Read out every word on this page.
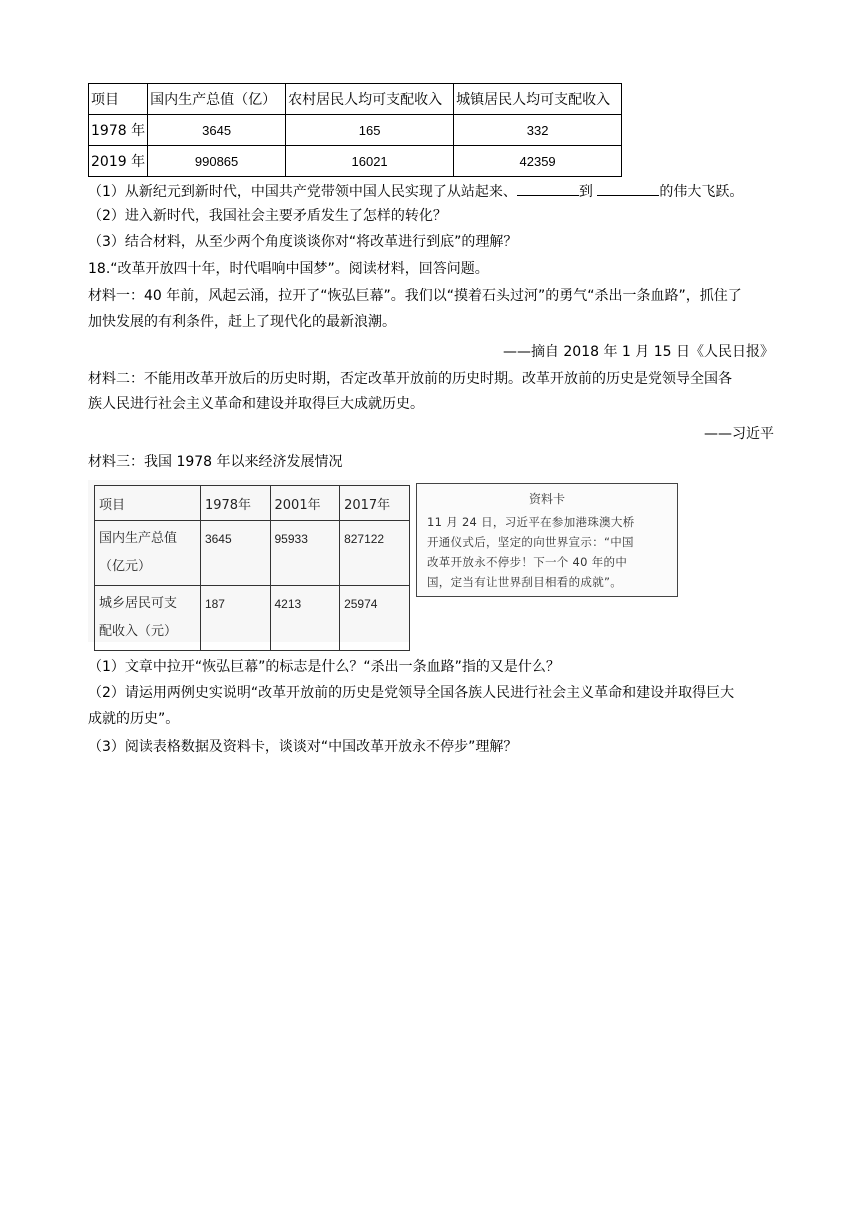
项目	国内生产总值（亿）	农村居民人均可支配收入	城镇居民人均可支配收入
1978 年	3645	165	332
2019 年	990865	16021	42359
（1）从新纪元到新时代，中国共产党带领中国人民实现了从站起来、	到	的伟大飞跃。
（2）进入新时代，我国社会主要矛盾发生了怎样的转化？
（3）结合材料，从至少两个角度谈谈你对“将改革进行到底”的理解？
18.“改革开放四十年，时代唱响中国梦”。阅读材料，回答问题。
材料一：40 年前，风起云涌，拉开了“恢弘巨幕”。我们以“摸着石头过河”的勇气“杀出一条血路”，抓住了
加快发展的有利条件，赶上了现代化的最新浪潮。
——摘自 2018 年 1 月 15 日《人民日报》
材料二：不能用改革开放后的历史时期，否定改革开放前的历史时期。改革开放前的历史是党领导全国各
族人民进行社会主义革命和建设并取得巨大成就历史。
——习近平
材料三：我国 1978 年以来经济发展情况
项目	1978年	2001年	2017年

国内生产总值
（亿元）	3645	95933	827122

城乡居民可支
配收入（元）	187	4213	25974
资料卡
11 月 24 日，习近平在参加港珠澳大桥
开通仪式后，坚定的向世界宣示：“中国
改革开放永不停步！下一个 40 年的中
国，定当有让世界刮目相看的成就”。
（1）文章中拉开“恢弘巨幕”的标志是什么？“杀出一条血路”指的又是什么？
（2）请运用两例史实说明“改革开放前的历史是党领导全国各族人民进行社会主义革命和建设并取得巨大
成就的历史”。
（3）阅读表格数据及资料卡，谈谈对“中国改革开放永不停步”理解？
